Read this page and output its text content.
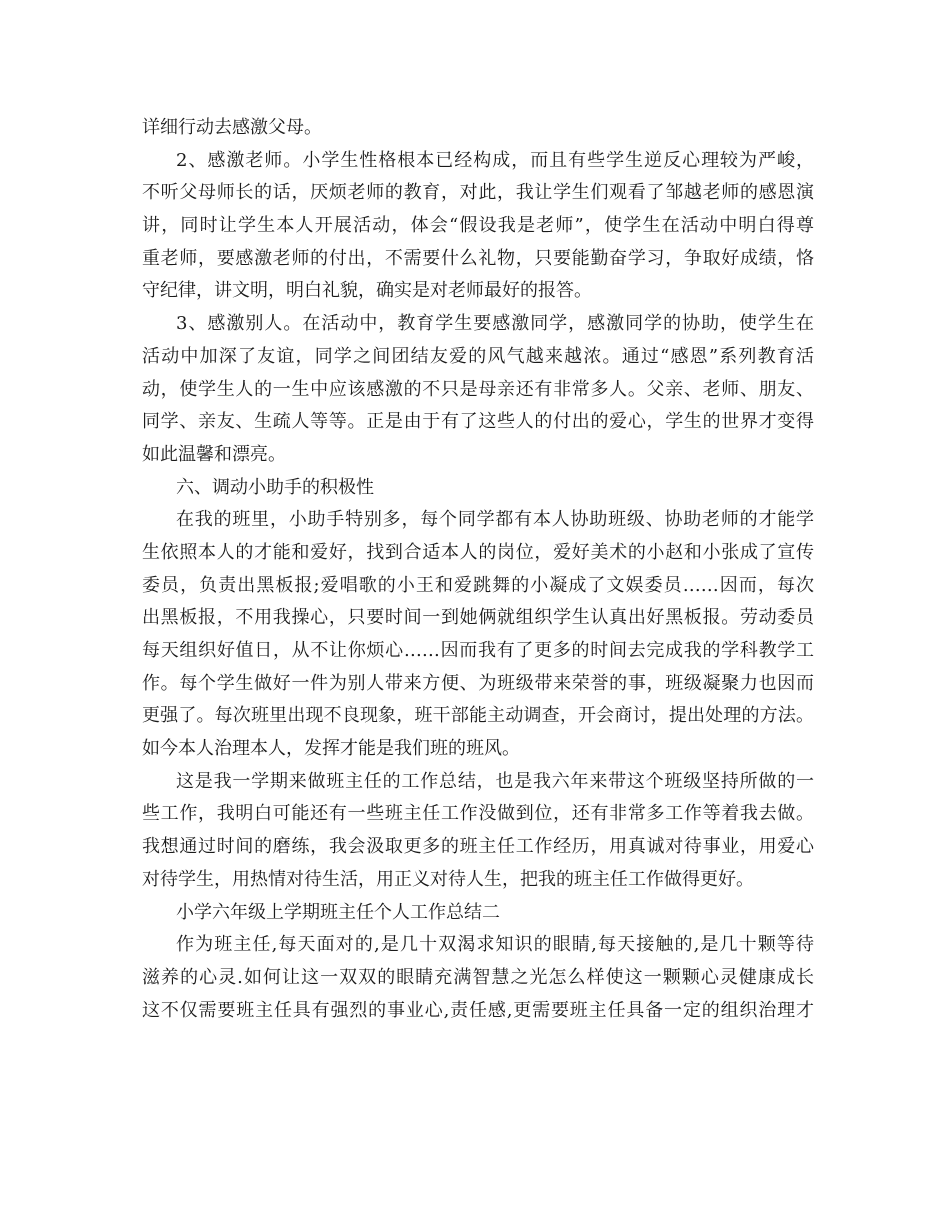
详细行动去感激父母。
2、感激老师。小学生性格根本已经构成，而且有些学生逆反心理较为严峻，
不听父母师长的话，厌烦老师的教育，对此，我让学生们观看了邹越老师的感恩演
讲，同时让学生本人开展活动，体会“假设我是老师”，使学生在活动中明白得尊
重老师，要感激老师的付出，不需要什么礼物，只要能勤奋学习，争取好成绩，恪
守纪律，讲文明，明白礼貌，确实是对老师最好的报答。
3、感激别人。在活动中，教育学生要感激同学，感激同学的协助，使学生在
活动中加深了友谊，同学之间团结友爱的风气越来越浓。通过“感恩”系列教育活
动，使学生人的一生中应该感激的不只是母亲还有非常多人。父亲、老师、朋友、
同学、亲友、生疏人等等。正是由于有了这些人的付出的爱心，学生的世界才变得
如此温馨和漂亮。
六、调动小助手的积极性
在我的班里，小助手特别多，每个同学都有本人协助班级、协助老师的才能学
生依照本人的才能和爱好，找到合适本人的岗位，爱好美术的小赵和小张成了宣传
委员，负责出黑板报;爱唱歌的小王和爱跳舞的小凝成了文娱委员……因而，每次
出黑板报，不用我操心，只要时间一到她俩就组织学生认真出好黑板报。劳动委员
每天组织好值日，从不让你烦心……因而我有了更多的时间去完成我的学科教学工
作。每个学生做好一件为别人带来方便、为班级带来荣誉的事，班级凝聚力也因而
更强了。每次班里出现不良现象，班干部能主动调查，开会商讨，提出处理的方法。
如今本人治理本人，发挥才能是我们班的班风。
这是我一学期来做班主任的工作总结，也是我六年来带这个班级坚持所做的一
些工作，我明白可能还有一些班主任工作没做到位，还有非常多工作等着我去做。
我想通过时间的磨练，我会汲取更多的班主任工作经历，用真诚对待事业，用爱心
对待学生，用热情对待生活，用正义对待人生，把我的班主任工作做得更好。
小学六年级上学期班主任个人工作总结二
作为班主任,每天面对的,是几十双渴求知识的眼睛,每天接触的,是几十颗等待
滋养的心灵.如何让这一双双的眼睛充满智慧之光怎么样使这一颗颗心灵健康成长
这不仅需要班主任具有强烈的事业心,责任感,更需要班主任具备一定的组织治理才
